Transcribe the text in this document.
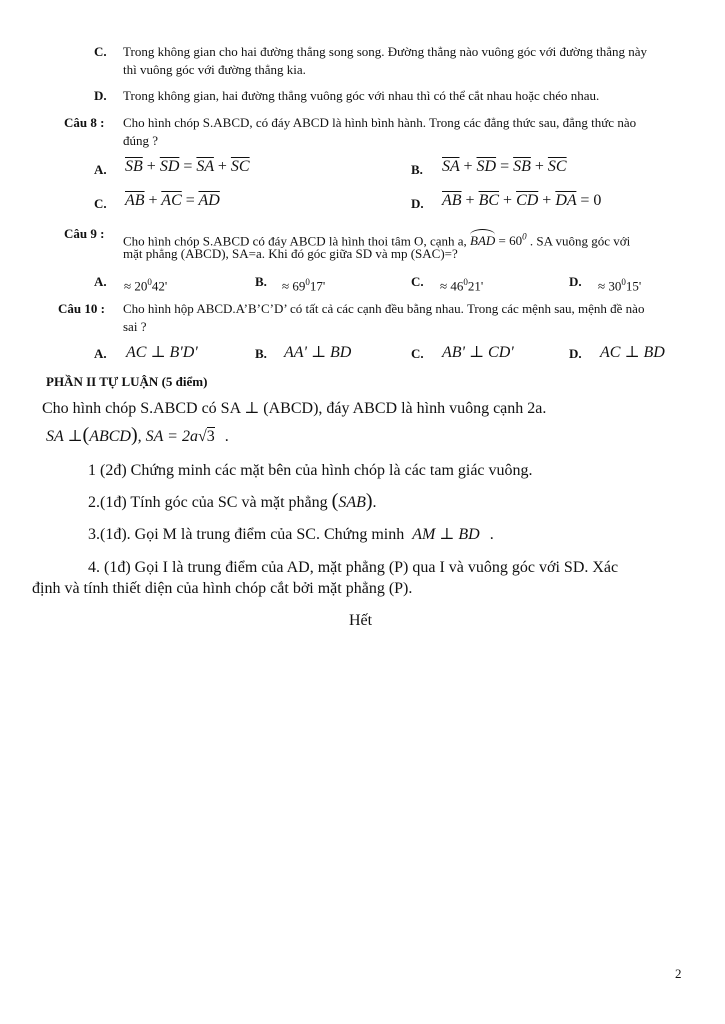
C. Trong không gian cho hai đường thẳng song song. Đường thẳng nào vuông góc với đường thẳng này
thì vuông góc với đường thẳng kia.
D. Trong không gian, hai đường thẳng vuông góc với nhau thì có thể cắt nhau hoặc chéo nhau.
Câu 8 : Cho hình chóp S.ABCD, có đáy ABCD là hình bình hành. Trong các đẳng thức sau, đẳng thức nào
đúng ?
A. $\overline{SB} + \overline{SD} = \overline{SA} + \overline{SC}$	B. $\overline{SA} + \overline{SD} = \overline{SB} + \overline{SC}$
C. $\overline{AB} + \overline{AC} = \overline{AD}$	D. $\overline{AB} + \overline{BC} + \overline{CD} + \overline{DA} = 0$
Câu 9 : Cho hình chóp S.ABCD có đáy ABCD là hình thoi tâm O, cạnh a, BAD = $60^0$ . SA vuông góc với
mặt phẳng (ABCD), SA=a. Khi đó góc giữa SD và mp (SAC)=?
A. ≈ $20^042'$	B. ≈ $69^017'$	C. ≈ $46^021'$	D. ≈ $30^015'$
Câu 10 : Cho hình hộp ABCD.A’B’C’D’ có tất cả các cạnh đều bằng nhau. Trong các mệnh sau, mệnh đề nào
sai ?
A. AC ⊥ B'D'	B. AA' ⊥ BD	C. AB' ⊥ CD'	D. AC ⊥ BD
PHẦN II TỰ LUẬN (5 điểm)
Cho hình chóp S.ABCD có SA ⊥ (ABCD), đáy ABCD là hình vuông cạnh 2a.
SA ⊥(ABCD), SA = 2a√3 .
1 (2đ) Chứng minh các mặt bên của hình chóp là các tam giác vuông.
2.(1đ) Tính góc của SC và mặt phẳng (SAB).
3.(1đ). Gọi M là trung điểm của SC. Chứng minh AM ⊥ BD .
4. (1đ) Gọi I là trung điểm của AD, mặt phẳng (P) qua I và vuông góc với SD. Xác
định và tính thiết diện của hình chóp cắt bởi mặt phẳng (P).
Hết
2
